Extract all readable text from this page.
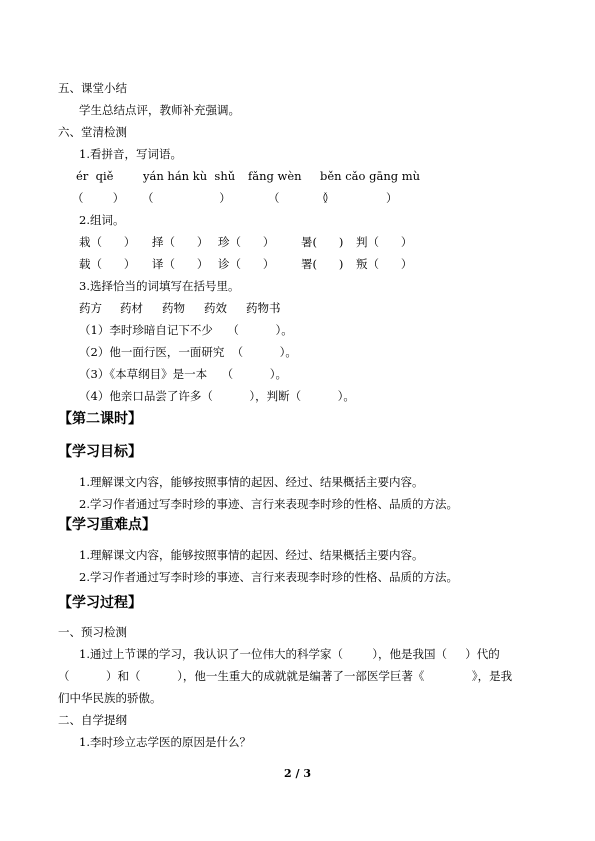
五、课堂小结
学生总结点评，教师补充强调。
六、堂清检测
1.看拼音，写词语。
ér  qiě	yán hán kù  shǔ fǎng wèn běn cǎo gāng mù
（        ） （                  ）	（            ）
（                ）
2.组词。
栽（      ） 择（      ） 珍（      ） 暑(      ) 判（      ）
载（      ） 译（      ） 诊（      ） 署(      ) 叛（      ）
3.选择恰当的词填写在括号里。
药方 药材 药物 药效 药物书
（1）李时珍暗自记下不少    （          ）。
（2）他一面行医，一面研究  （          ）。
（3）《本草纲目》是一本    （          ）。
（4）他亲口品尝了许多（          ），判断（          ）。
【第二课时】
【学习目标】
1.理解课文内容，能够按照事情的起因、经过、结果概括主要内容。
2.学习作者通过写李时珍的事迹、言行来表现李时珍的性格、品质的方法。
【学习重难点】
1.理解课文内容，能够按照事情的起因、经过、结果概括主要内容。
2.学习作者通过写李时珍的事迹、言行来表现李时珍的性格、品质的方法。
【学习过程】
一、预习检测
1.通过上节课的学习，我认识了一位伟大的科学家（        ），他是我国（     ）代的
（          ）和（          ），他一生重大的成就就是编著了一部医学巨著《             》，是我
们中华民族的骄傲。
二、自学提纲
1.李时珍立志学医的原因是什么？
2 / 3
